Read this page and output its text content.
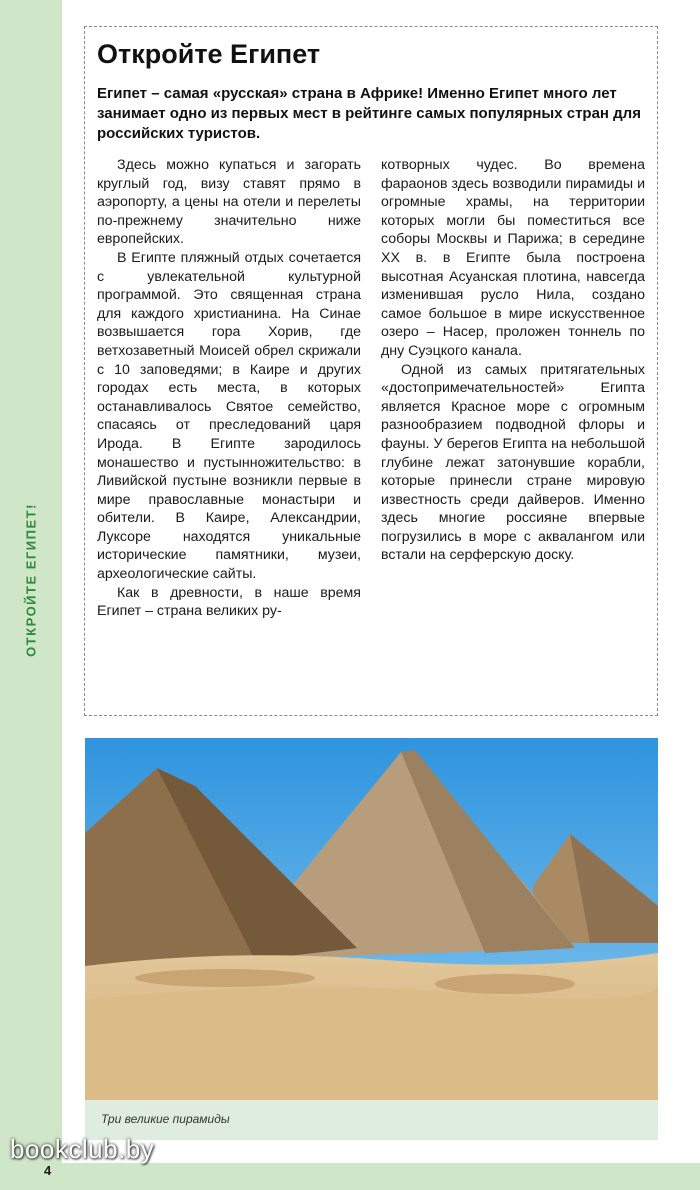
ОТКРОЙТЕ ЕГИПЕТ!
4
Откройте Египет
Египет – самая «русская» страна в Африке! Именно Египет много лет занимает одно из первых мест в рейтинге самых популярных стран для российских туристов.

Здесь можно купаться и загорать круглый год, визу ставят прямо в аэропорту, а цены на отели и перелеты по-прежнему значительно ниже европейских.

В Египте пляжный отдых сочетается с увлекательной культурной программой. Это священная страна для каждого христианина. На Синае возвышается гора Хорив, где ветхозаветный Моисей обрел скрижали с 10 заповедями; в Каире и других городах есть места, в которых останавливалось Святое семейство, спасаясь от преследований царя Ирода. В Египте зародилось монашество и пустынножительство: в Ливийской пустыне возникли первые в мире православные монастыри и обители. В Каире, Александрии, Луксоре находятся уникальные исторические памятники, музеи, археологические сайты.

Как в древности, в наше время Египет – страна великих ру-

котворных чудес. Во времена фараонов здесь возводили пирамиды и огромные храмы, на территории которых могли бы поместиться все соборы Москвы и Парижа; в середине XX в. в Египте была построена высотная Асуанская плотина, навсегда изменившая русло Нила, создано самое большое в мире искусственное озеро – Насер, проложен тоннель по дну Суэцкого канала.

Одной из самых притягательных «достопримечательностей» Египта является Красное море с огромным разнообразием подводной флоры и фауны. У берегов Египта на небольшой глубине лежат затонувшие корабли, которые принесли стране мировую известность среди дайверов. Именно здесь многие россияне впервые погрузились в море с аквалангом или встали на серферскую доску.

Три великие пирамиды
bookclub.by
